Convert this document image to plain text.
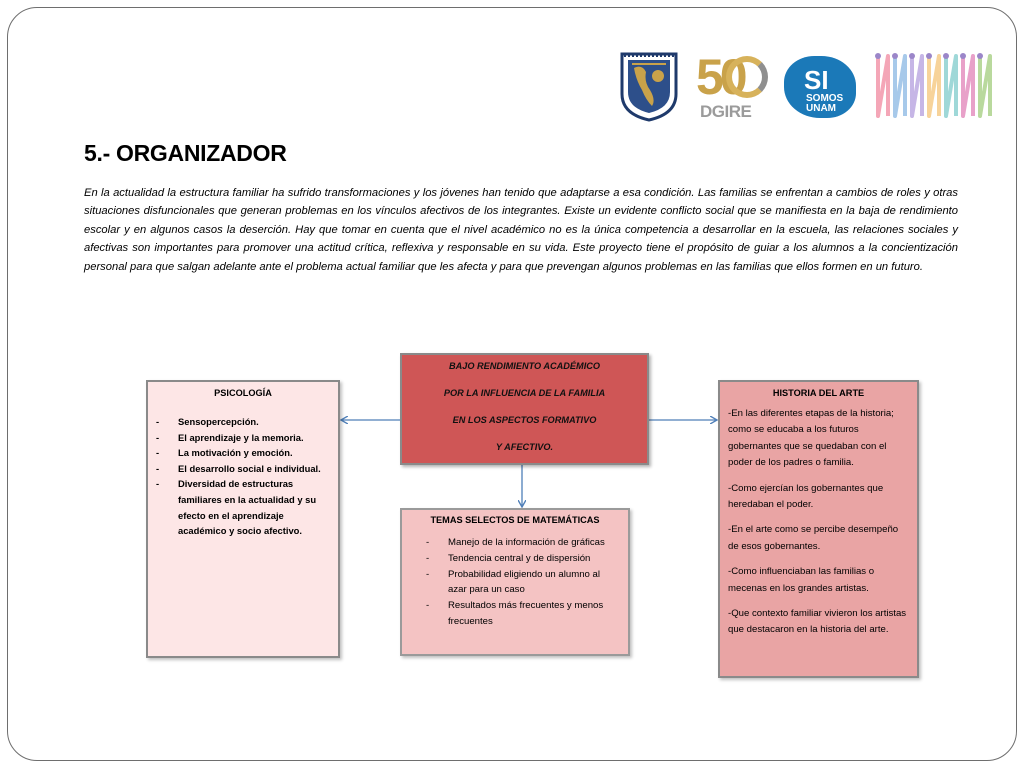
50
DGIRE
SI
SOMOS
UNAM
5.- ORGANIZADOR

En la actualidad la estructura familiar ha sufrido transformaciones y los jóvenes han tenido que adaptarse a esa condición. Las familias se enfrentan a cambios de roles y otras situaciones disfuncionales que generan problemas en los vínculos afectivos de los integrantes. Existe un evidente conflicto social que se manifiesta en la baja de rendimiento escolar y en algunos casos la deserción. Hay que tomar en cuenta que el nivel académico no es la única competencia a desarrollar en la escuela, las relaciones sociales y afectivas son importantes para promover una actitud crítica, reflexiva y responsable en su vida. Este proyecto tiene el propósito de guiar a los alumnos a la concientización personal para que salgan adelante ante el problema actual familiar que les afecta y para que prevengan algunos problemas en las familias que ellos formen en un futuro.

BAJO RENDIMIENTO ACADÉMICO
POR LA INFLUENCIA DE LA FAMILIA
EN LOS ASPECTOS FORMATIVO
Y AFECTIVO.
PSICOLOGÍA
- Sensopercepción.
- El aprendizaje y la memoria.
- La motivación y emoción.
- El desarrollo social e individual.
- Diversidad de estructuras familiares en la actualidad y su efecto en el aprendizaje académico y socio afectivo.
TEMAS SELECTOS DE MATEMÁTICAS
- Manejo de la información de gráficas
- Tendencia central y de dispersión
- Probabilidad eligiendo un alumno al azar para un caso
- Resultados más frecuentes y menos frecuentes
HISTORIA DEL ARTE

-En las diferentes etapas de la historia; como se educaba a los futuros gobernantes que se quedaban con el poder de los padres o familia.

-Como ejercían los gobernantes que heredaban el poder.

-En el arte como se percibe desempeño de esos gobernantes.

-Como influenciaban las familias o mecenas en los grandes artistas.

-Que contexto familiar vivieron los artistas que destacaron en la historia del arte.
